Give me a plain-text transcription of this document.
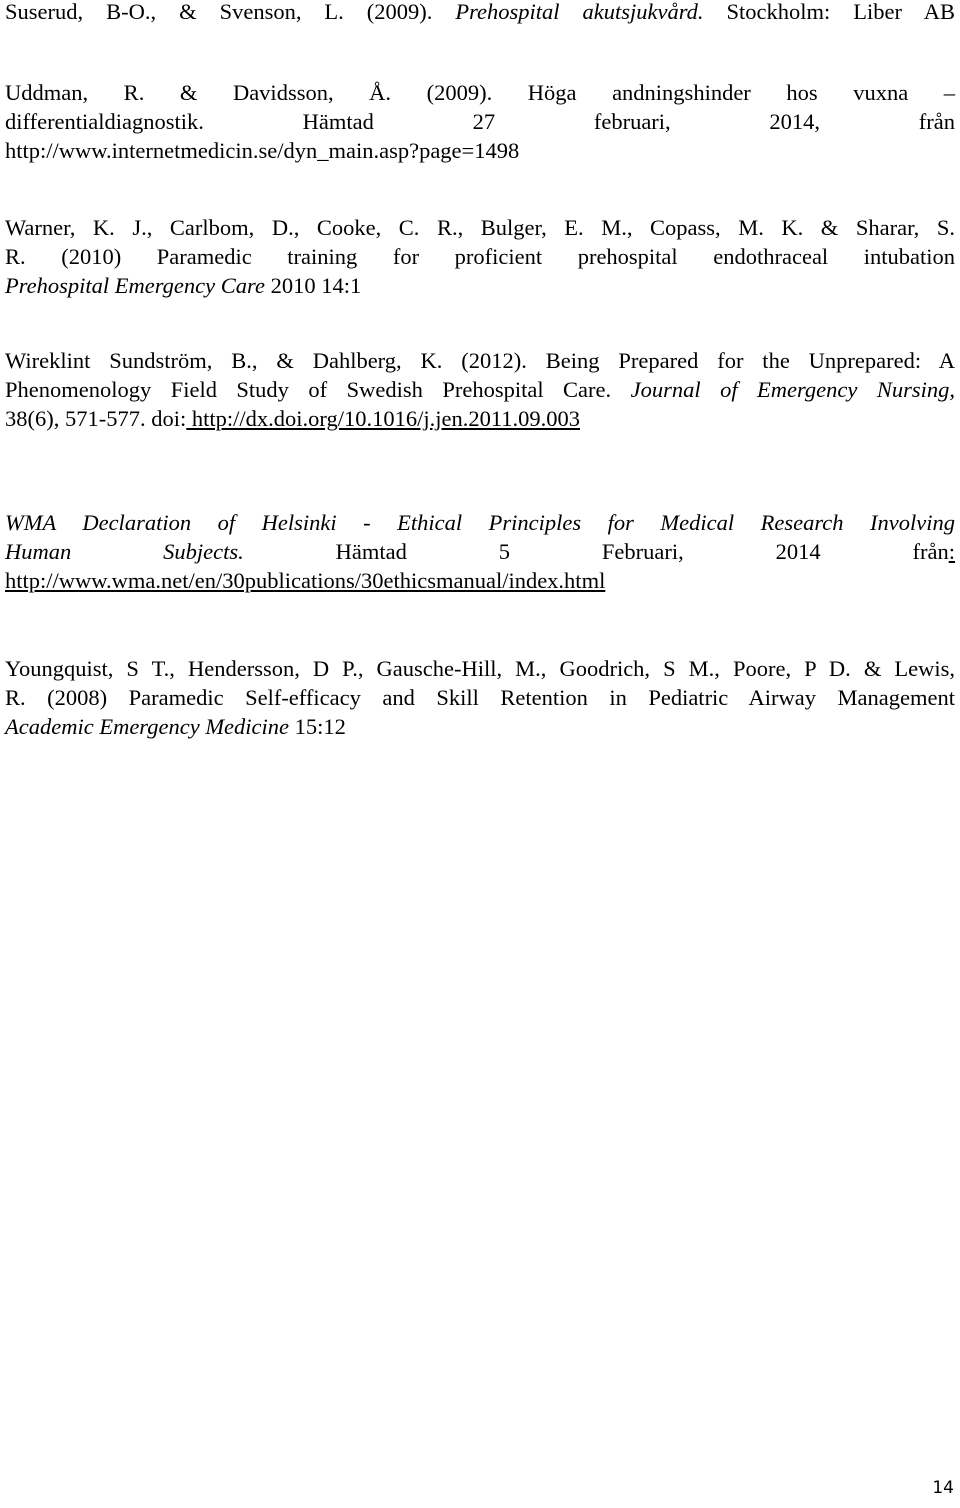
Suserud, B-O., & Svenson, L. (2009). Prehospital akutsjukvård. Stockholm: Liber AB
Uddman, R. & Davidsson, Å. (2009). Höga andningshinder hos vuxna –
differentialdiagnostik. Hämtad 27 februari, 2014, från
http://www.internetmedicin.se/dyn_main.asp?page=1498
Warner, K. J., Carlbom, D., Cooke, C. R., Bulger, E. M., Copass, M. K. & Sharar, S.
R. (2010) Paramedic training for proficient prehospital endothraceal intubation
Prehospital Emergency Care 2010 14:1
Wireklint Sundström, B., & Dahlberg, K. (2012). Being Prepared for the Unprepared: A
Phenomenology Field Study of Swedish Prehospital Care. Journal of Emergency Nursing,
38(6), 571-577. doi: http://dx.doi.org/10.1016/j.jen.2011.09.003
WMA Declaration of Helsinki - Ethical Principles for Medical Research Involving
Human Subjects.	Hämtad 5 Februari, 2014 från:
http://www.wma.net/en/30publications/30ethicsmanual/index.html
Youngquist, S T., Hendersson, D P., Gausche-Hill, M., Goodrich, S M., Poore, P D. & Lewis,
R. (2008) Paramedic Self-efficacy and Skill Retention in Pediatric Airway Management
Academic Emergency Medicine 15:12
14
